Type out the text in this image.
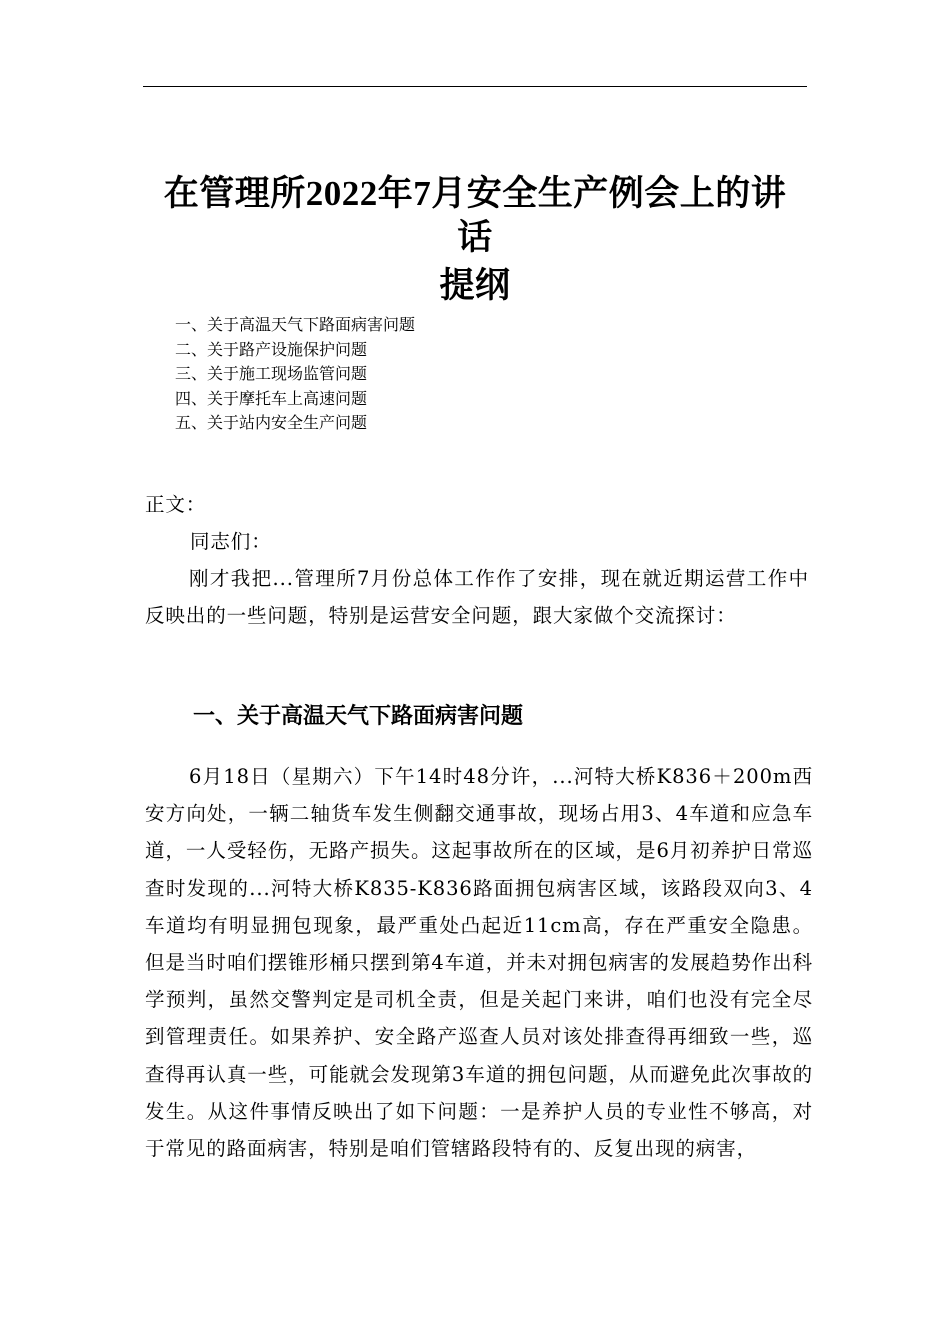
在管理所2022年7月安全生产例会上的讲
话
提纲
一、关于高温天气下路面病害问题
二、关于路产设施保护问题
三、关于施工现场监管问题
四、关于摩托车上高速问题
五、关于站内安全生产问题
正文：
同志们：
刚才我把...管理所7月份总体工作作了安排，现在就近期运营工作中反映出的一些问题，特别是运营安全问题，跟大家做个交流探讨：
一、关于高温天气下路面病害问题
6月18日（星期六）下午14时48分许，...河特大桥K836＋200m西安方向处，一辆二轴货车发生侧翻交通事故，现场占用3、4车道和应急车道，一人受轻伤，无路产损失。这起事故所在的区域，是6月初养护日常巡查时发现的...河特大桥K835-K836路面拥包病害区域，该路段双向3、4车道均有明显拥包现象，最严重处凸起近11cm高，存在严重安全隐患。但是当时咱们摆锥形桶只摆到第4车道，并未对拥包病害的发展趋势作出科学预判，虽然交警判定是司机全责，但是关起门来讲，咱们也没有完全尽到管理责任。如果养护、安全路产巡查人员对该处排查得再细致一些，巡查得再认真一些，可能就会发现第3车道的拥包问题，从而避免此次事故的发生。从这件事情反映出了如下问题：一是养护人员的专业性不够高，对于常见的路面病害，特别是咱们管辖路段特有的、反复出现的病害，
